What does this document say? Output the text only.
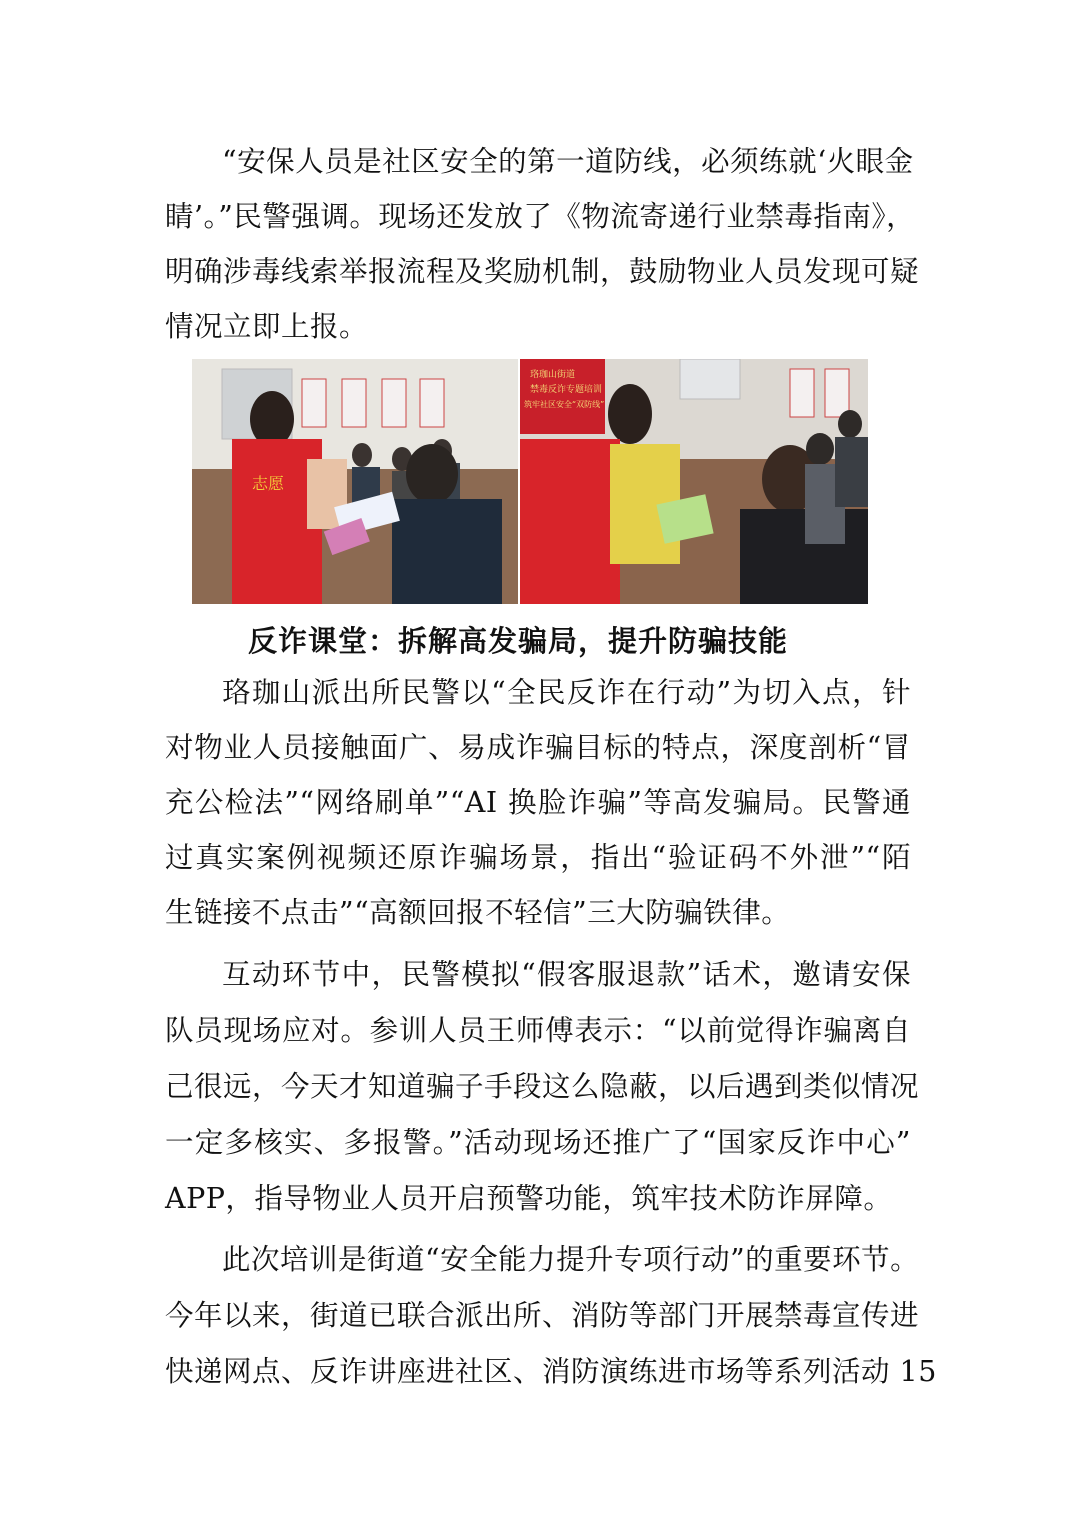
“安保人员是社区安全的第一道防线，必须练就‘火眼金
睛’。”民警强调。现场还发放了《物流寄递行业禁毒指南》，
明确涉毒线索举报流程及奖励机制，鼓励物业人员发现可疑
情况立即上报。
志愿
珞珈山街道
禁毒反诈专题培训
筑牢社区安全“双防线”
反诈课堂：拆解高发骗局，提升防骗技能
珞珈山派出所民警以“全民反诈在行动”为切入点，针
对物业人员接触面广、易成诈骗目标的特点，深度剖析“冒
充公检法”“网络刷单”“AI 换脸诈骗”等高发骗局。民警通
过真实案例视频还原诈骗场景，指出“验证码不外泄”“陌
生链接不点击”“高额回报不轻信”三大防骗铁律。
互动环节中，民警模拟“假客服退款”话术，邀请安保
队员现场应对。参训人员王师傅表示：“以前觉得诈骗离自
己很远，今天才知道骗子手段这么隐蔽，以后遇到类似情况
一定多核实、多报警。”活动现场还推广了“国家反诈中心”
APP，指导物业人员开启预警功能，筑牢技术防诈屏障。
此次培训是街道“安全能力提升专项行动”的重要环节。
今年以来，街道已联合派出所、消防等部门开展禁毒宣传进
快递网点、反诈讲座进社区、消防演练进市场等系列活动 15
